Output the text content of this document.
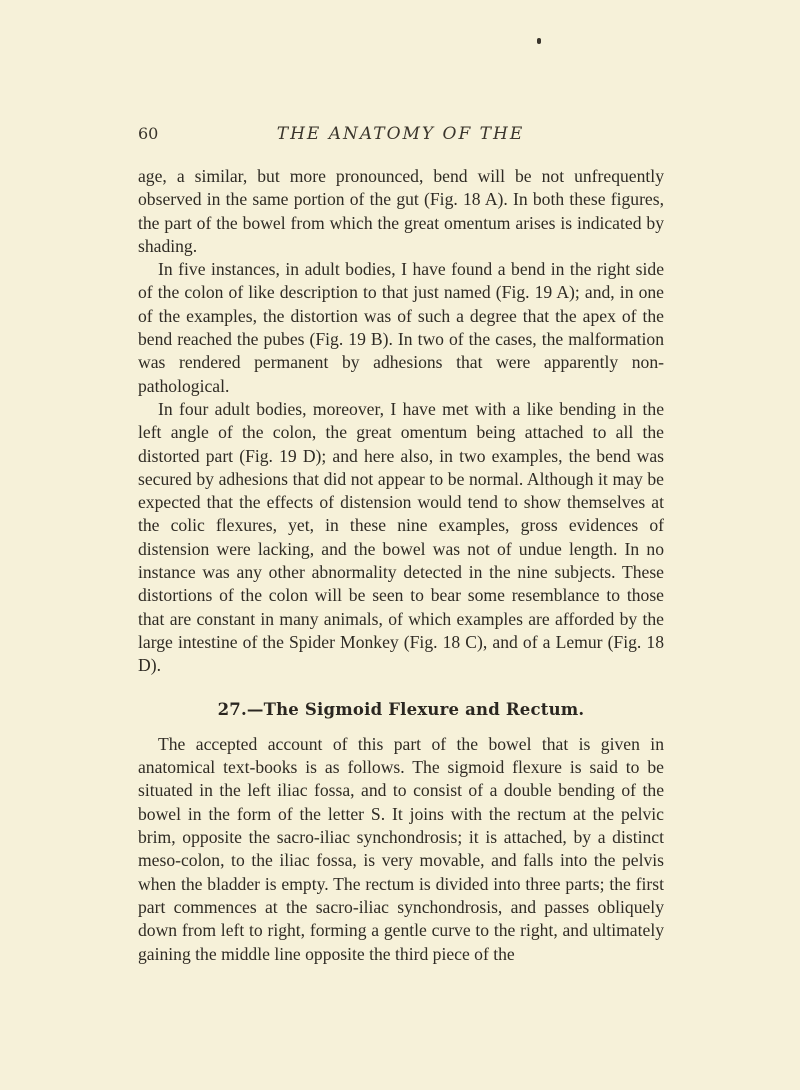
60	THE ANATOMY OF THE

age, a similar, but more pronounced, bend will be not unfrequently observed in the same portion of the gut (Fig. 18 A). In both these figures, the part of the bowel from which the great omentum arises is indicated by shading.

In five instances, in adult bodies, I have found a bend in the right side of the colon of like description to that just named (Fig. 19 A); and, in one of the examples, the distortion was of such a degree that the apex of the bend reached the pubes (Fig. 19 B). In two of the cases, the malformation was rendered permanent by adhesions that were apparently non-pathological.

In four adult bodies, moreover, I have met with a like bending in the left angle of the colon, the great omentum being attached to all the distorted part (Fig. 19 D); and here also, in two examples, the bend was secured by adhesions that did not appear to be normal. Although it may be expected that the effects of distension would tend to show themselves at the colic flexures, yet, in these nine examples, gross evidences of distension were lacking, and the bowel was not of undue length. In no instance was any other abnormality detected in the nine subjects. These distortions of the colon will be seen to bear some resemblance to those that are constant in many animals, of which examples are afforded by the large intestine of the Spider Monkey (Fig. 18 C), and of a Lemur (Fig. 18 D).

27.—The Sigmoid Flexure and Rectum.

The accepted account of this part of the bowel that is given in anatomical text-books is as follows. The sigmoid flexure is said to be situated in the left iliac fossa, and to consist of a double bending of the bowel in the form of the letter S. It joins with the rectum at the pelvic brim, opposite the sacro-iliac synchondrosis; it is attached, by a distinct meso-colon, to the iliac fossa, is very movable, and falls into the pelvis when the bladder is empty. The rectum is divided into three parts; the first part commences at the sacro-iliac synchondrosis, and passes obliquely down from left to right, forming a gentle curve to the right, and ultimately gaining the middle line opposite the third piece of the
